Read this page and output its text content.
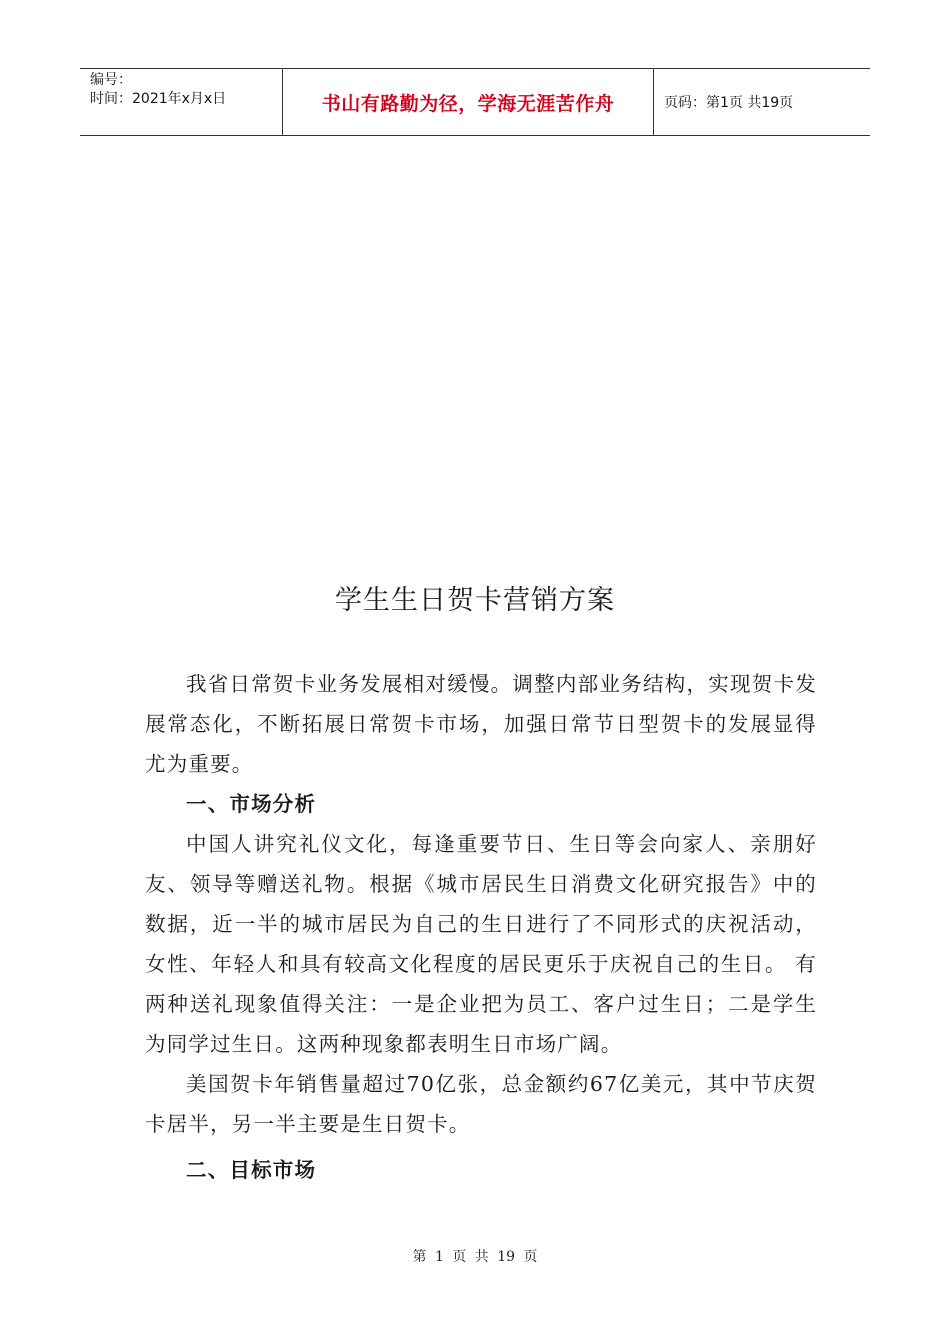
编号：
时间：2021年x月x日	书山有路勤为径，学海无涯苦作舟	页码：第1页 共19页
学生生日贺卡营销方案

我省日常贺卡业务发展相对缓慢。调整内部业务结构，实现贺卡发展常态化，不断拓展日常贺卡市场，加强日常节日型贺卡的发展显得尤为重要。

一、市场分析

中国人讲究礼仪文化，每逢重要节日、生日等会向家人、亲朋好友、领导等赠送礼物。根据《城市居民生日消费文化研究报告》中的数据，近一半的城市居民为自己的生日进行了不同形式的庆祝活动，女性、年轻人和具有较高文化程度的居民更乐于庆祝自己的生日。 有两种送礼现象值得关注：一是企业把为员工、客户过生日；二是学生为同学过生日。这两种现象都表明生日市场广阔。

美国贺卡年销售量超过70亿张，总金额约67亿美元，其中节庆贺卡居半，另一半主要是生日贺卡。

二、目标市场
第 1 页 共 19 页
